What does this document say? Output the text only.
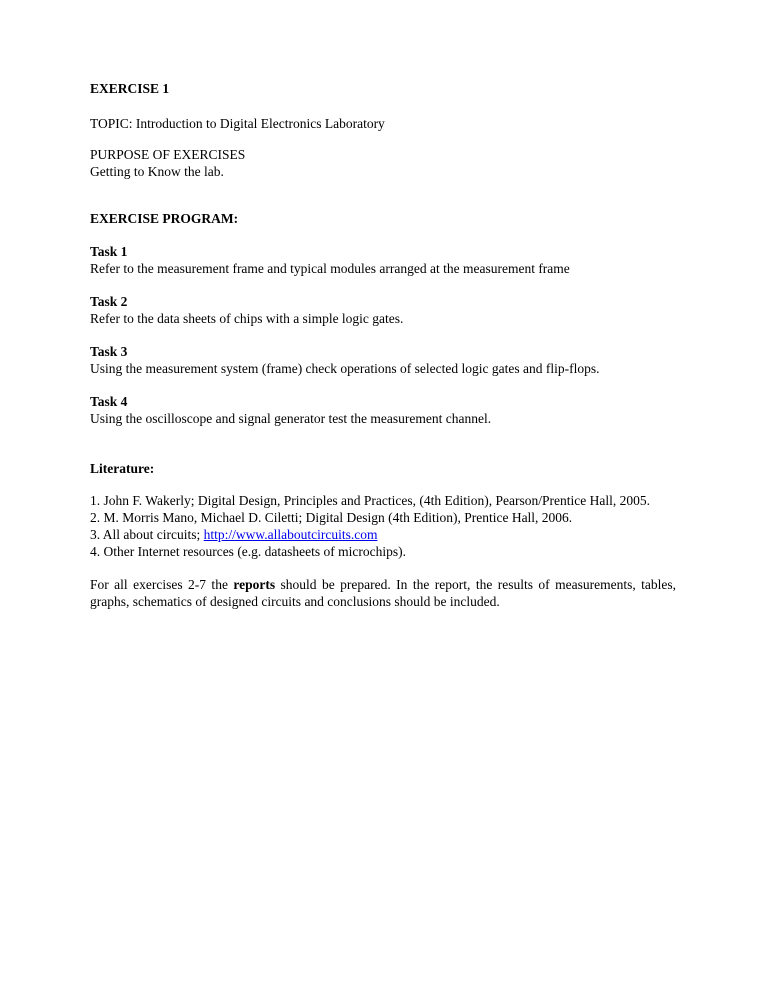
EXERCISE 1
TOPIC: Introduction to Digital Electronics Laboratory
PURPOSE OF EXERCISES
Getting to Know the lab.
EXERCISE PROGRAM:
Task 1
Refer to the measurement frame and typical modules arranged at the measurement frame
Task 2
Refer to the data sheets of chips with a simple logic gates.
Task 3
Using the measurement system (frame) check operations of selected logic gates and flip-flops.
Task 4
Using the oscilloscope and signal generator test the measurement channel.
Literature:
1. John F. Wakerly; Digital Design, Principles and Practices, (4th Edition), Pearson/Prentice Hall, 2005.
2. M. Morris Mano, Michael D. Ciletti; Digital Design (4th Edition), Prentice Hall, 2006.
3. All about circuits; http://www.allaboutcircuits.com
4. Other Internet resources (e.g. datasheets of microchips).
For all exercises 2-7 the reports should be prepared. In the report, the results of measurements, tables, graphs, schematics of designed circuits and conclusions should be included.
